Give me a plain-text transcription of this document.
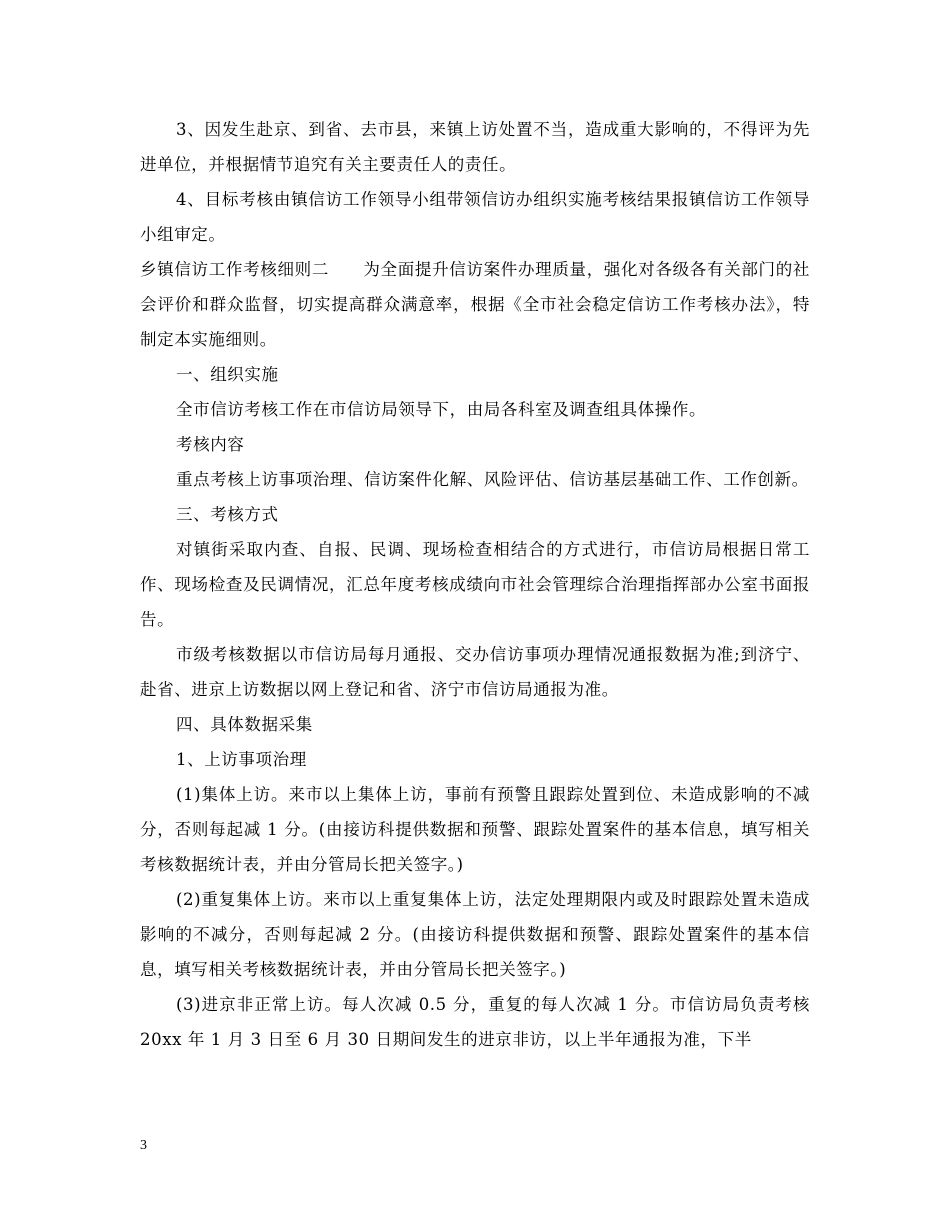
3、因发生赴京、到省、去市县，来镇上访处置不当，造成重大影响的，不得评为先进单位，并根据情节追究有关主要责任人的责任。

4、目标考核由镇信访工作领导小组带领信访办组织实施考核结果报镇信访工作领导小组审定。

乡镇信访工作考核细则二　　为全面提升信访案件办理质量，强化对各级各有关部门的社会评价和群众监督，切实提高群众满意率，根据《全市社会稳定信访工作考核办法》，特制定本实施细则。

一、组织实施

全市信访考核工作在市信访局领导下，由局各科室及调查组具体操作。

考核内容

重点考核上访事项治理、信访案件化解、风险评估、信访基层基础工作、工作创新。

三、考核方式

对镇街采取内查、自报、民调、现场检查相结合的方式进行，市信访局根据日常工作、现场检查及民调情况，汇总年度考核成绩向市社会管理综合治理指挥部办公室书面报告。

市级考核数据以市信访局每月通报、交办信访事项办理情况通报数据为准;到济宁、赴省、进京上访数据以网上登记和省、济宁市信访局通报为准。

四、具体数据采集

1、上访事项治理

(1)集体上访。来市以上集体上访，事前有预警且跟踪处置到位、未造成影响的不减分，否则每起减 1 分。(由接访科提供数据和预警、跟踪处置案件的基本信息，填写相关考核数据统计表，并由分管局长把关签字。)

(2)重复集体上访。来市以上重复集体上访，法定处理期限内或及时跟踪处置未造成影响的不减分，否则每起减 2 分。(由接访科提供数据和预警、跟踪处置案件的基本信息，填写相关考核数据统计表，并由分管局长把关签字。)

(3)进京非正常上访。每人次减 0.5 分，重复的每人次减 1 分。市信访局负责考核 20xx 年 1 月 3 日至 6 月 30 日期间发生的进京非访，以上半年通报为准，下半

3
